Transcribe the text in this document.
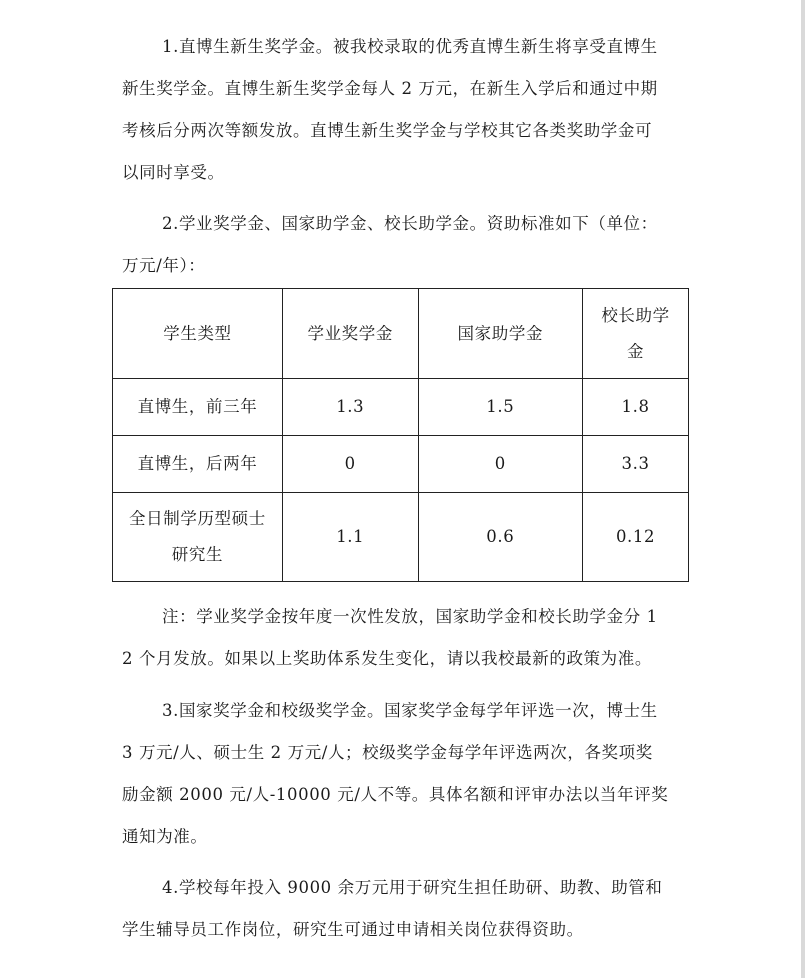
1.直博生新生奖学金。被我校录取的优秀直博生新生将享受直博生
新生奖学金。直博生新生奖学金每人 2 万元，在新生入学后和通过中期
考核后分两次等额发放。直博生新生奖学金与学校其它各类奖助学金可
以同时享受。

2.学业奖学金、国家助学金、校长助学金。资助标准如下（单位：
万元/年）：

学生类型	学业奖学金	国家助学金	校长助学金
直博生，前三年	1.3	1.5	1.8
直博生，后两年	0	0	3.3
全日制学历型硕士研究生	1.1	0.6	0.12

注：学业奖学金按年度一次性发放，国家助学金和校长助学金分 1
2 个月发放。如果以上奖助体系发生变化，请以我校最新的政策为准。

3.国家奖学金和校级奖学金。国家奖学金每学年评选一次，博士生
3 万元/人、硕士生 2 万元/人；校级奖学金每学年评选两次，各奖项奖
励金额 2000 元/人-10000 元/人不等。具体名额和评审办法以当年评奖
通知为准。

4.学校每年投入 9000 余万元用于研究生担任助研、助教、助管和
学生辅导员工作岗位，研究生可通过申请相关岗位获得资助。
